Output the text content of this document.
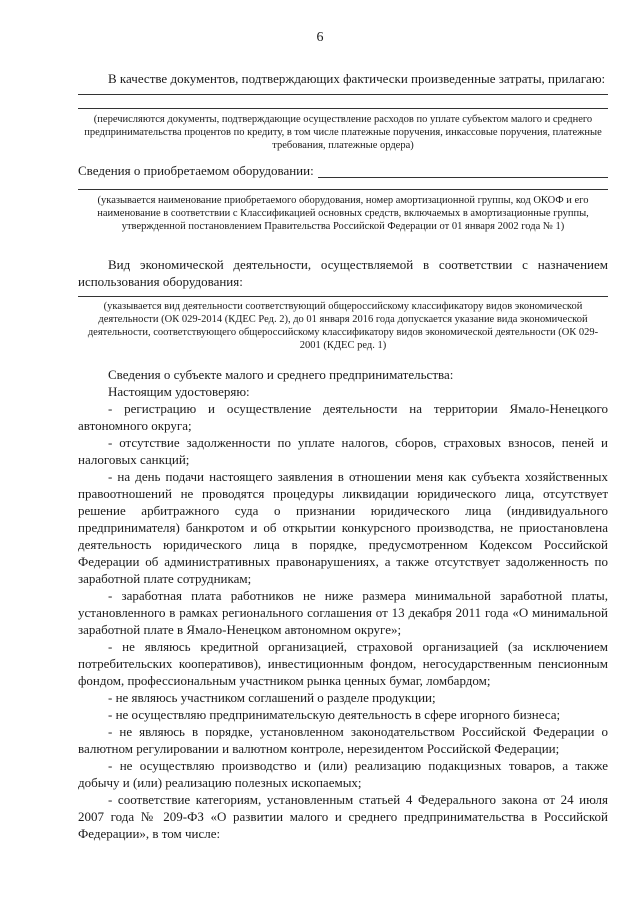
6
В качестве документов, подтверждающих фактически произведенные затраты, прилагаю:
(перечисляются документы, подтверждающие осуществление расходов по уплате субъектом малого и среднего предпринимательства процентов по кредиту, в том числе платежные поручения, инкассовые поручения, платежные требования, платежные ордера)
Сведения о приобретаемом оборудовании:
(указывается наименование приобретаемого оборудования, номер амортизационной группы, код ОКОФ и его наименование в соответствии с Классификацией основных средств, включаемых в амортизационные группы, утвержденной постановлением Правительства Российской Федерации от 01 января 2002 года № 1)
Вид экономической деятельности, осуществляемой в соответствии с назначением использования оборудования:
(указывается вид деятельности соответствующий общероссийскому классификатору видов экономической деятельности (ОК 029-2014 (КДЕС Ред. 2), до 01 января 2016 года допускается указание вида экономической деятельности, соответствующего общероссийскому классификатору видов экономической деятельности (ОК 029-2001 (КДЕС ред. 1)
Сведения о субъекте малого и среднего предпринимательства:
Настоящим удостоверяю:
- регистрацию и осуществление деятельности на территории Ямало-Ненецкого автономного округа;
- отсутствие задолженности по уплате налогов, сборов, страховых взносов, пеней и налоговых санкций;
- на день подачи настоящего заявления в отношении меня как субъекта хозяйственных правоотношений не проводятся процедуры ликвидации юридического лица, отсутствует решение арбитражного суда о признании юридического лица (индивидуального предпринимателя) банкротом и об открытии конкурсного производства, не приостановлена деятельность юридического лица в порядке, предусмотренном Кодексом Российской Федерации об административных правонарушениях, а также отсутствует задолженность по заработной плате сотрудникам;
- заработная плата работников не ниже размера минимальной заработной платы, установленного в рамках регионального соглашения от 13 декабря 2011 года «О минимальной заработной плате в Ямало-Ненецком автономном округе»;
- не являюсь кредитной организацией, страховой организацией (за исключением потребительских кооперативов), инвестиционным фондом, негосударственным пенсионным фондом, профессиональным участником рынка ценных бумаг, ломбардом;
- не являюсь участником соглашений о разделе продукции;
- не осуществляю предпринимательскую деятельность в сфере игорного бизнеса;
- не являюсь в порядке, установленном законодательством Российской Федерации о валютном регулировании и валютном контроле, нерезидентом Российской Федерации;
- не осуществляю производство и (или) реализацию подакцизных товаров, а также добычу и (или) реализацию полезных ископаемых;
- соответствие категориям, установленным статьей 4 Федерального закона от 24 июля 2007 года № 209-ФЗ «О развитии малого и среднего предпринимательства в Российской Федерации», в том числе:
